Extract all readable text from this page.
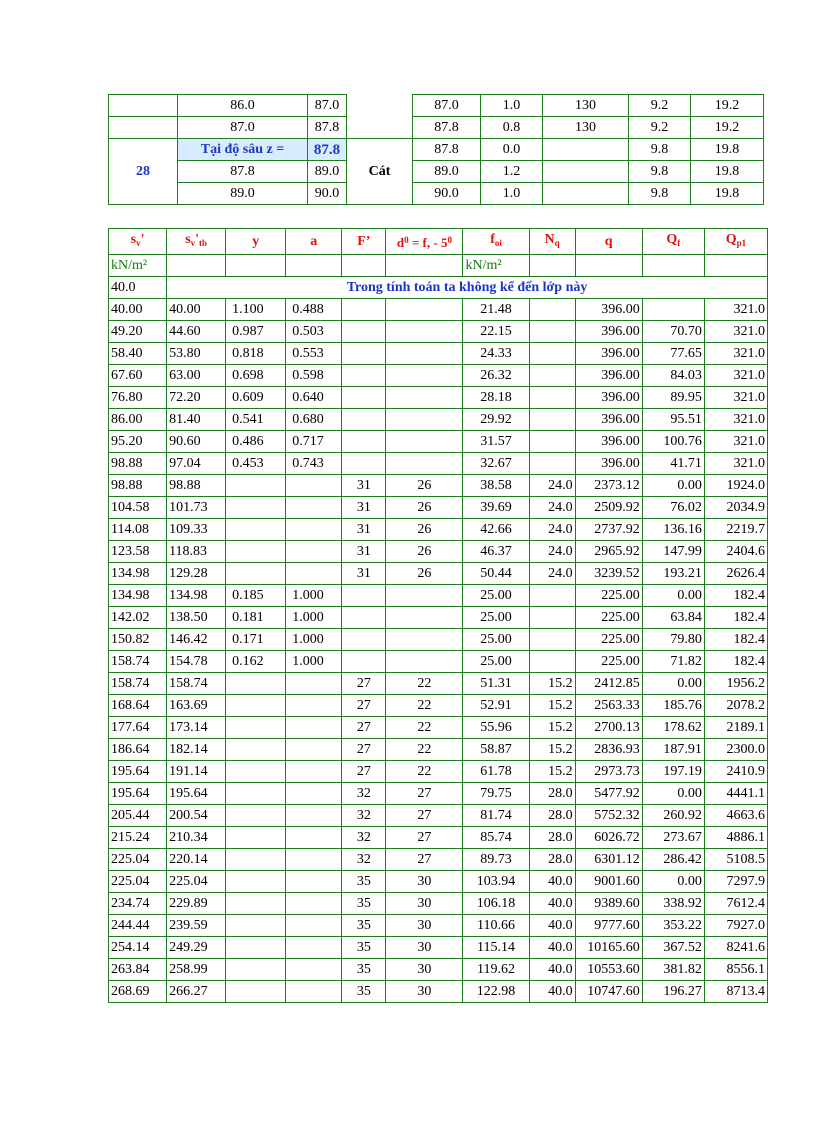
	86.0	87.0		87.0	1.0	130	9.2	19.2
	87.0	87.8		87.8	0.8	130	9.2	19.2
28	Tại độ sâu z =	87.8	Cát	87.8	0.0		9.8	19.8
	87.8	89.0		89.0	1.2		9.8	19.8
	89.0	90.0		90.0	1.0		9.8	19.8
$s_v'$	$s_v'_{tb}$	y	a	F’	$d^0 = f$, - $5^0$	$f_{oi}$	$N_q$	q	$Q_f$	$Q_{p1}$
kN/m²						kN/m²				
40.0	Trong tính toán ta không kể đến lớp này									
40.00	40.00	1.100	0.488			21.48		396.00		321.0
49.20	44.60	0.987	0.503			22.15		396.00	70.70	321.0
58.40	53.80	0.818	0.553			24.33		396.00	77.65	321.0
67.60	63.00	0.698	0.598			26.32		396.00	84.03	321.0
76.80	72.20	0.609	0.640			28.18		396.00	89.95	321.0
86.00	81.40	0.541	0.680			29.92		396.00	95.51	321.0
95.20	90.60	0.486	0.717			31.57		396.00	100.76	321.0
98.88	97.04	0.453	0.743			32.67		396.00	41.71	321.0
98.88	98.88			31	26	38.58	24.0	2373.12	0.00	1924.0
104.58	101.73			31	26	39.69	24.0	2509.92	76.02	2034.9
114.08	109.33			31	26	42.66	24.0	2737.92	136.16	2219.7
123.58	118.83			31	26	46.37	24.0	2965.92	147.99	2404.6
134.98	129.28			31	26	50.44	24.0	3239.52	193.21	2626.4
134.98	134.98	0.185	1.000			25.00		225.00	0.00	182.4
142.02	138.50	0.181	1.000			25.00		225.00	63.84	182.4
150.82	146.42	0.171	1.000			25.00		225.00	79.80	182.4
158.74	154.78	0.162	1.000			25.00		225.00	71.82	182.4
158.74	158.74			27	22	51.31	15.2	2412.85	0.00	1956.2
168.64	163.69			27	22	52.91	15.2	2563.33	185.76	2078.2
177.64	173.14			27	22	55.96	15.2	2700.13	178.62	2189.1
186.64	182.14			27	22	58.87	15.2	2836.93	187.91	2300.0
195.64	191.14			27	22	61.78	15.2	2973.73	197.19	2410.9
195.64	195.64			32	27	79.75	28.0	5477.92	0.00	4441.1
205.44	200.54			32	27	81.74	28.0	5752.32	260.92	4663.6
215.24	210.34			32	27	85.74	28.0	6026.72	273.67	4886.1
225.04	220.14			32	27	89.73	28.0	6301.12	286.42	5108.5
225.04	225.04			35	30	103.94	40.0	9001.60	0.00	7297.9
234.74	229.89			35	30	106.18	40.0	9389.60	338.92	7612.4
244.44	239.59			35	30	110.66	40.0	9777.60	353.22	7927.0
254.14	249.29			35	30	115.14	40.0	10165.60	367.52	8241.6
263.84	258.99			35	30	119.62	40.0	10553.60	381.82	8556.1
268.69	266.27			35	30	122.98	40.0	10747.60	196.27	8713.4
